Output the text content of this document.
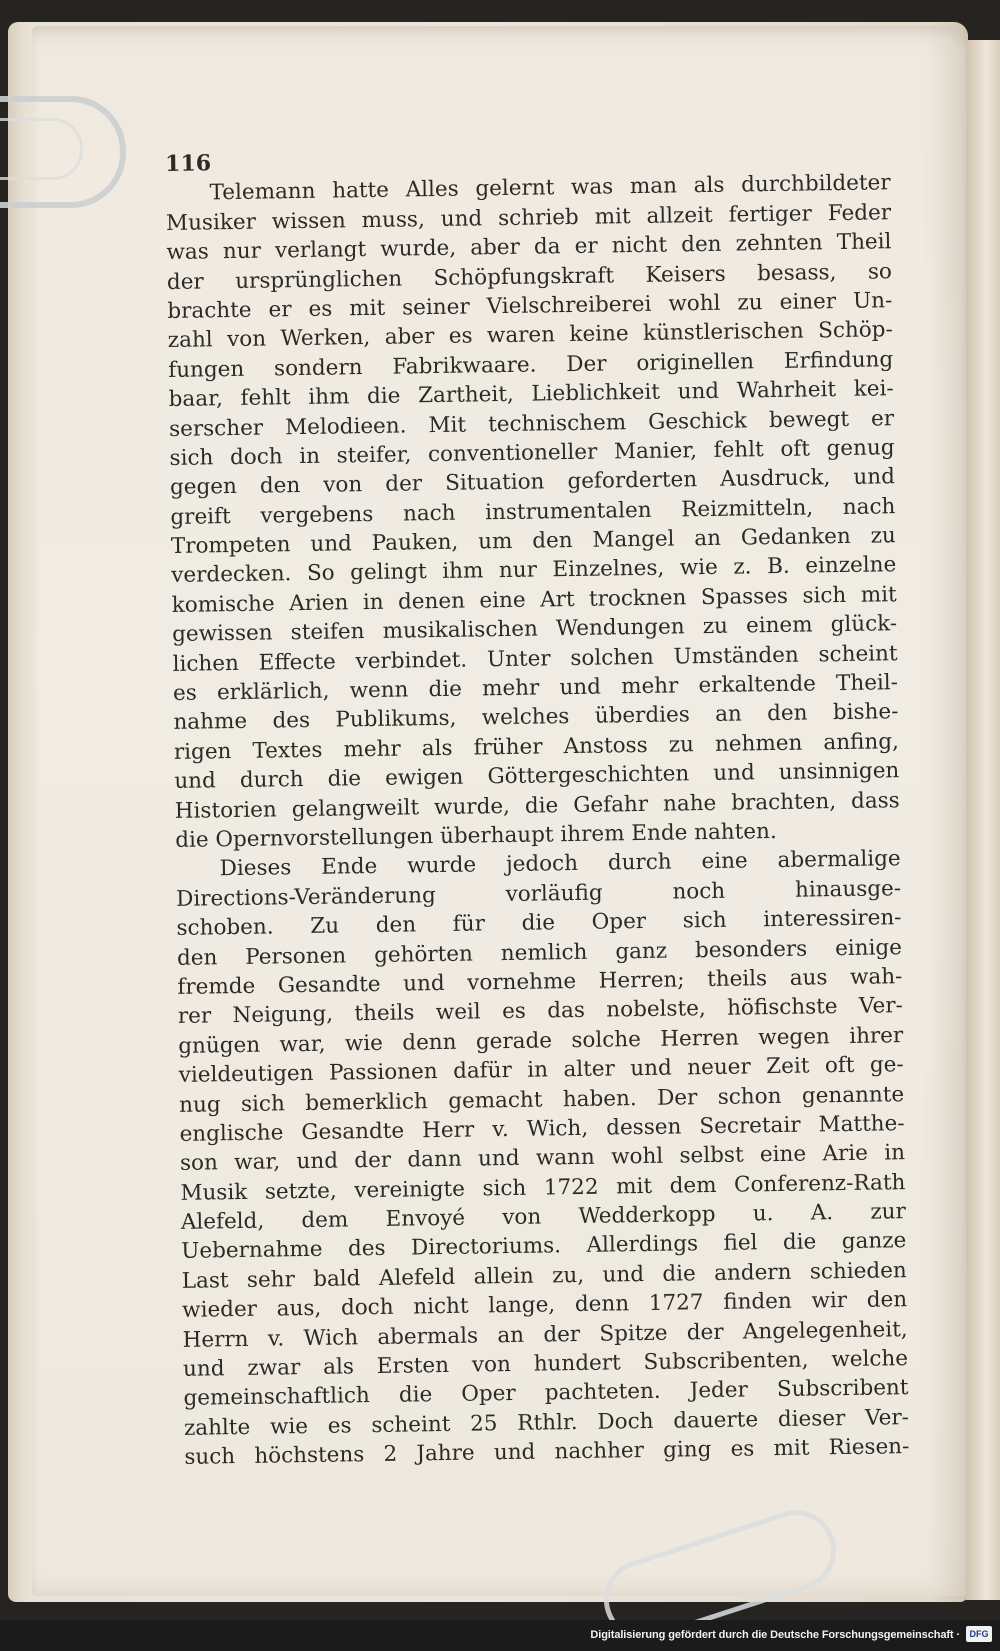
116
Telemann hatte Alles gelernt was man als durchbildeter
Musiker wissen muss, und schrieb mit allzeit fertiger Feder
was nur verlangt wurde, aber da er nicht den zehnten Theil
der ursprünglichen Schöpfungskraft Keisers besass, so
brachte er es mit seiner Vielschreiberei wohl zu einer Un-
zahl von Werken, aber es waren keine künstlerischen Schöp-
fungen sondern Fabrikwaare. Der originellen Erfindung
baar, fehlt ihm die Zartheit, Lieblichkeit und Wahrheit kei-
serscher Melodieen. Mit technischem Geschick bewegt er
sich doch in steifer, conventioneller Manier, fehlt oft genug
gegen den von der Situation geforderten Ausdruck, und
greift vergebens nach instrumentalen Reizmitteln, nach
Trompeten und Pauken, um den Mangel an Gedanken zu
verdecken. So gelingt ihm nur Einzelnes, wie z. B. einzelne
komische Arien in denen eine Art trocknen Spasses sich mit
gewissen steifen musikalischen Wendungen zu einem glück-
lichen Effecte verbindet. Unter solchen Umständen scheint
es erklärlich, wenn die mehr und mehr erkaltende Theil-
nahme des Publikums, welches überdies an den bishe-
rigen Textes mehr als früher Anstoss zu nehmen anfing,
und durch die ewigen Göttergeschichten und unsinnigen
Historien gelangweilt wurde, die Gefahr nahe brachten, dass
die Opernvorstellungen überhaupt ihrem Ende nahten.
Dieses Ende wurde jedoch durch eine abermalige
Directions-Veränderung vorläufig noch hinausge-
schoben. Zu den für die Oper sich interessiren-
den Personen gehörten nemlich ganz besonders einige
fremde Gesandte und vornehme Herren; theils aus wah-
rer Neigung, theils weil es das nobelste, höfischste Ver-
gnügen war, wie denn gerade solche Herren wegen ihrer
vieldeutigen Passionen dafür in alter und neuer Zeit oft ge-
nug sich bemerklich gemacht haben. Der schon genannte
englische Gesandte Herr v. Wich, dessen Secretair Matthe-
son war, und der dann und wann wohl selbst eine Arie in
Musik setzte, vereinigte sich 1722 mit dem Conferenz-Rath
Alefeld, dem Envoyé von Wedderkopp u. A. zur
Uebernahme des Directoriums. Allerdings fiel die ganze
Last sehr bald Alefeld allein zu, und die andern schieden
wieder aus, doch nicht lange, denn 1727 finden wir den
Herrn v. Wich abermals an der Spitze der Angelegenheit,
und zwar als Ersten von hundert Subscribenten, welche
gemeinschaftlich die Oper pachteten. Jeder Subscribent
zahlte wie es scheint 25 Rthlr. Doch dauerte dieser Ver-
such höchstens 2 Jahre und nachher ging es mit Riesen-
Digitalisierung gefördert durch die Deutsche Forschungsgemeinschaft ·	DFG
